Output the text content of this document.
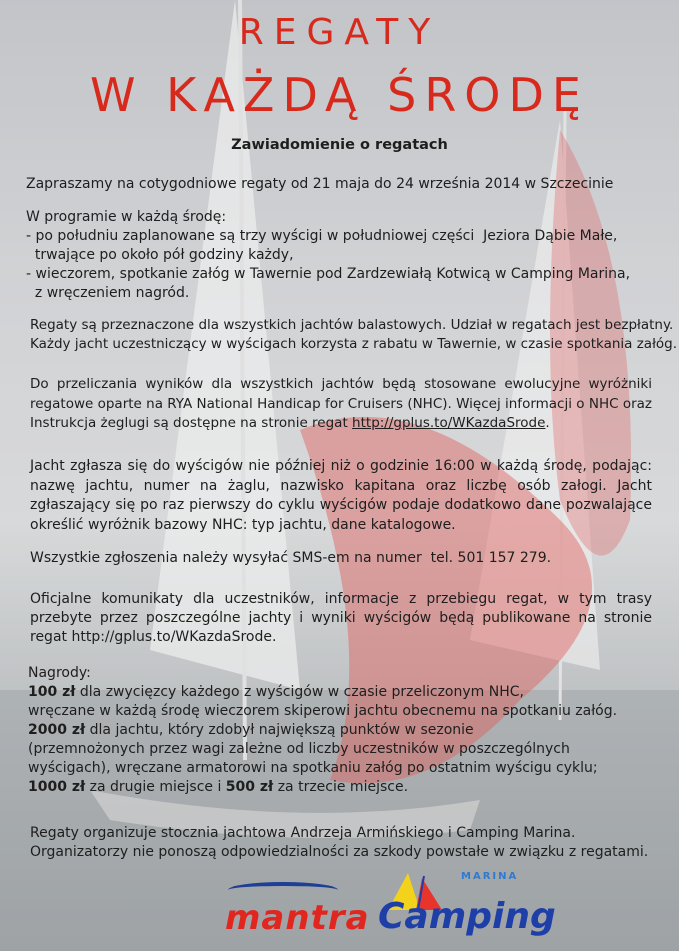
REGATY
W KAŻDĄ ŚRODĘ
Zawiadomienie o regatach
Zapraszamy na cotygodniowe regaty od 21 maja do 24 września 2014 w Szczecinie
W programie w każdą środę:
- po południu zaplanowane są trzy wyścigi w południowej części  Jeziora Dąbie Małe,
trwające po około pół godziny każdy,
- wieczorem, spotkanie załóg w Tawernie pod Zardzewiałą Kotwicą w Camping Marina,
z wręczeniem nagród.
Regaty są przeznaczone dla wszystkich jachtów balastowych. Udział w regatach jest bezpłatny.
Każdy jacht uczestniczący w wyścigach korzysta z rabatu w Tawernie, w czasie spotkania załóg.
Do przeliczania wyników dla wszystkich jachtów będą stosowane ewolucyjne wyróżniki regatowe oparte na RYA National Handicap for Cruisers (NHC). Więcej informacji o NHC oraz Instrukcja żeglugi są dostępne na stronie regat http://gplus.to/WKazdaSrode.
Jacht zgłasza się do wyścigów nie później niż o godzinie 16:00 w każdą środę, podając: nazwę jachtu, numer na żaglu, nazwisko kapitana oraz liczbę osób załogi. Jacht zgłaszający się po raz pierwszy do cyklu wyścigów podaje dodatkowo dane pozwalające określić wyróżnik bazowy NHC: typ jachtu, dane katalogowe.
Wszystkie zgłoszenia należy wysyłać SMS-em na numer  tel. 501 157 279.
Oficjalne komunikaty dla uczestników, informacje z przebiegu regat, w tym trasy przebyte przez poszczególne jachty i wyniki wyścigów będą publikowane na stronie regat http://gplus.to/WKazdaSrode.
Nagrody:
100 zł dla zwycięzcy każdego z wyścigów w czasie przeliczonym NHC,
wręczane w każdą środę wieczorem skiperowi jachtu obecnemu na spotkaniu załóg.
2000 zł dla jachtu, który zdobył największą punktów w sezonie
(przemnożonych przez wagi zależne od liczby uczestników w poszczególnych
wyścigach), wręczane armatorowi na spotkaniu załóg po ostatnim wyścigu cyklu;
1000 zł za drugie miejsce i 500 zł za trzecie miejsce.
Regaty organizuje stocznia jachtowa Andrzeja Armińskiego i Camping Marina.
Organizatorzy nie ponoszą odpowiedzialności za szkody powstałe w związku z regatami.
mantra
MARINA
Camping
